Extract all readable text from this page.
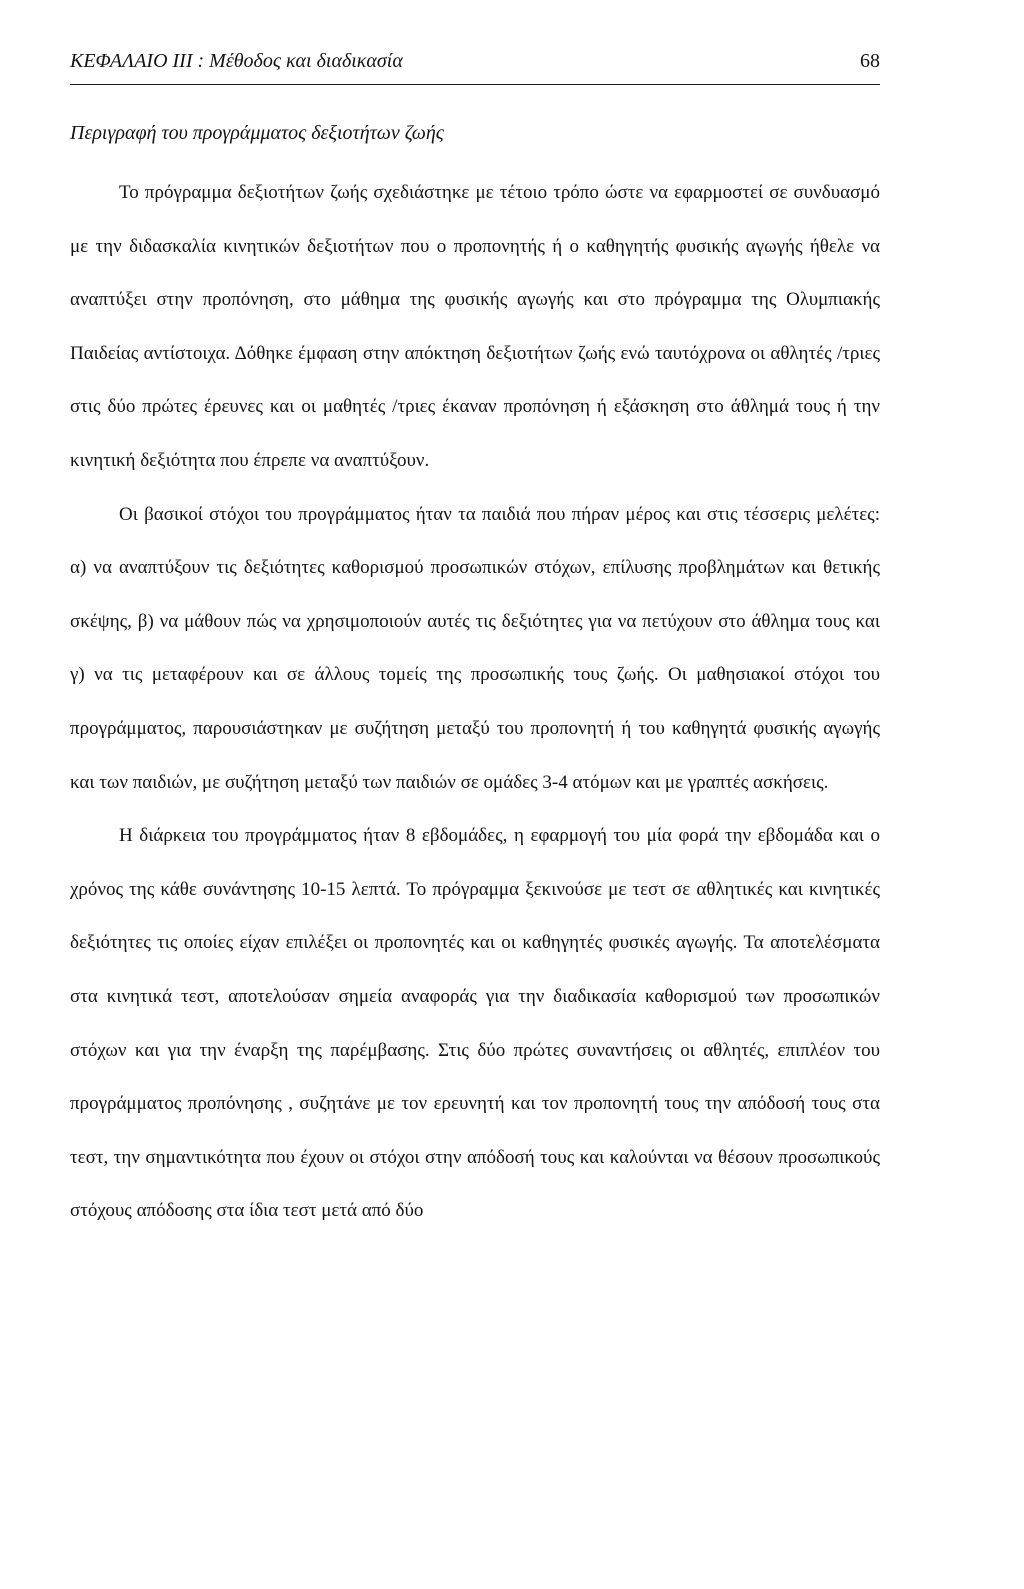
ΚΕΦΑΛΑΙΟ III : Μέθοδος και διαδικασία	68
Περιγραφή του προγράμματος δεξιοτήτων ζωής

Το πρόγραμμα δεξιοτήτων ζωής σχεδιάστηκε με τέτοιο τρόπο ώστε να εφαρμοστεί σε συνδυασμό με την διδασκαλία κινητικών δεξιοτήτων που ο προπονητής ή ο καθηγητής φυσικής αγωγής ήθελε να αναπτύξει στην προπόνηση, στο μάθημα της φυσικής αγωγής και στο πρόγραμμα της Ολυμπιακής Παιδείας αντίστοιχα. Δόθηκε έμφαση στην απόκτηση δεξιοτήτων ζωής ενώ ταυτόχρονα οι αθλητές /τριες στις δύο πρώτες έρευνες και οι μαθητές /τριες έκαναν προπόνηση ή εξάσκηση στο άθλημά τους ή την κινητική δεξιότητα που έπρεπε να αναπτύξουν.

Οι βασικοί στόχοι του προγράμματος ήταν τα παιδιά που πήραν μέρος και στις τέσσερις μελέτες: α) να αναπτύξουν τις δεξιότητες καθορισμού προσωπικών στόχων, επίλυσης προβλημάτων και θετικής σκέψης, β) να μάθουν πώς να χρησιμοποιούν αυτές τις δεξιότητες για να πετύχουν στο άθλημα τους και γ) να τις μεταφέρουν και σε άλλους τομείς της προσωπικής τους ζωής. Οι μαθησιακοί στόχοι του προγράμματος, παρουσιάστηκαν με συζήτηση μεταξύ του προπονητή ή του καθηγητά φυσικής αγωγής και των παιδιών, με συζήτηση μεταξύ των παιδιών σε ομάδες 3-4 ατόμων και με γραπτές ασκήσεις.

Η διάρκεια του προγράμματος ήταν 8 εβδομάδες, η εφαρμογή του μία φορά την εβδομάδα και ο χρόνος της κάθε συνάντησης 10-15 λεπτά. Το πρόγραμμα ξεκινούσε με τεστ σε αθλητικές και κινητικές δεξιότητες τις οποίες είχαν επιλέξει οι προπονητές και οι καθηγητές φυσικές αγωγής. Τα αποτελέσματα στα κινητικά τεστ, αποτελούσαν σημεία αναφοράς για την διαδικασία καθορισμού των προσωπικών στόχων και για την έναρξη της παρέμβασης. Στις δύο πρώτες συναντήσεις οι αθλητές, επιπλέον του προγράμματος προπόνησης , συζητάνε με τον ερευνητή και τον προπονητή τους την απόδοσή τους στα τεστ, την σημαντικότητα που έχουν οι στόχοι στην απόδοσή τους και καλούνται να θέσουν προσωπικούς στόχους απόδοσης στα ίδια τεστ μετά από δύο
